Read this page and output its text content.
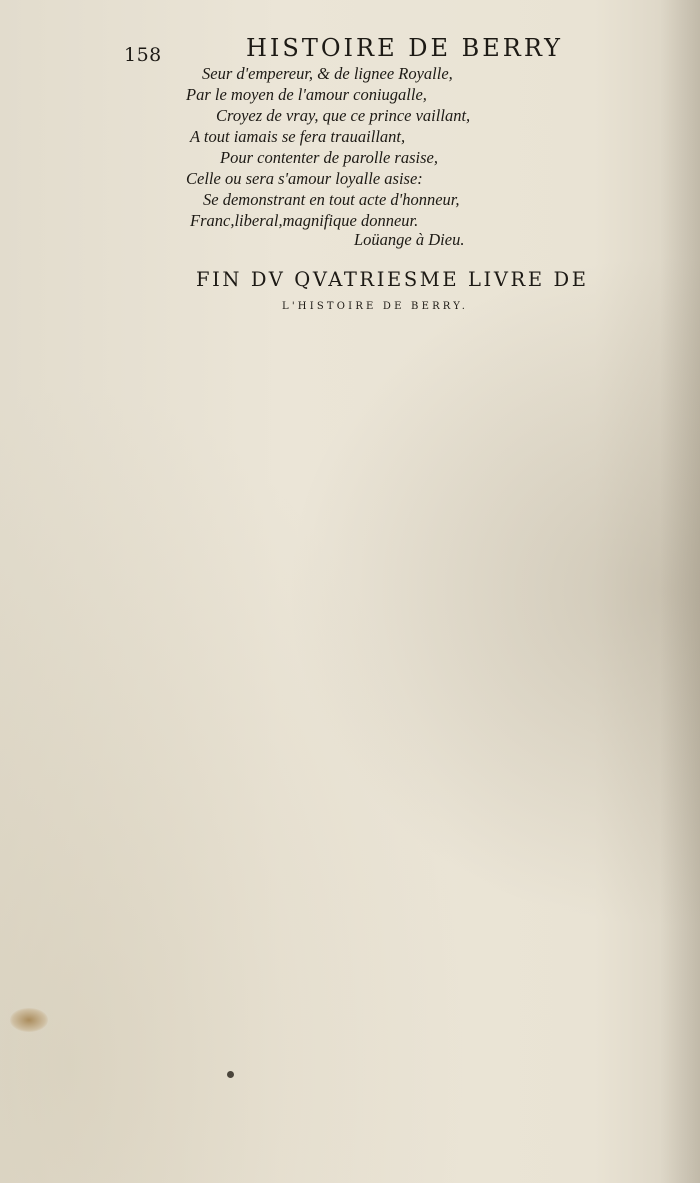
158	HISTOIRE DE BERRY
Seur d'empereur, & de lignee Royalle,
Par le moyen de l'amour coniugalle,
Croyez de vray, que ce prince vaillant,
A tout iamais se fera trauaillant,
Pour contenter de parolle rasise,
Celle ou sera s'amour loyalle asise:
Se demonstrant en tout acte d'honneur,
Franc,liberal,magnifique donneur.
Loüange à Dieu.
FIN DV QVATRIESME LIVRE DE
L'HISTOIRE DE BERRY.
